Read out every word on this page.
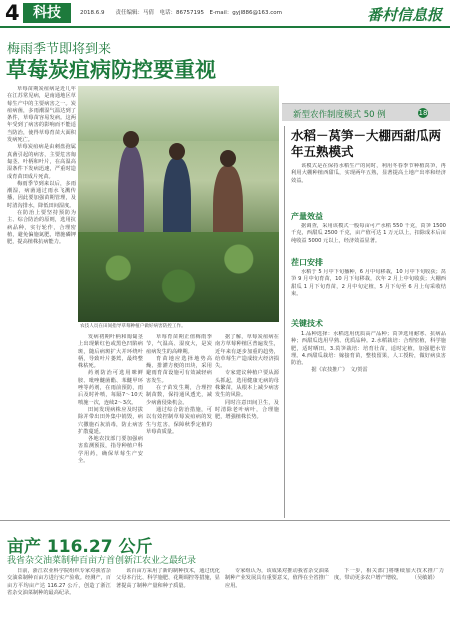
4 科技	2018.6.9　　责任编辑：马倩　电话：86757195　E-mail：gyjl886@163.com	番村信息报
梅雨季节即将到来
草莓炭疽病防控要重视

草莓苗期炭疽病是近几年在江苏常见病，是南通地区草莓生产中的主要病害之一。炭疽病菌，多雨潮湿气温达到了条件，草莓苗容易发病。这两年受到了病害的影响而不能适当防治，使得草莓育苗大面积发病死亡。

草莓炭疽病是由刺盘孢属真菌引起的病害，主要危害匍匐茎、叶柄和叶片，在高温高湿条件下发病迅速，严重时造成育苗田成片死苗。

梅雨季节到来以后，多雨潮湿，病菌通过雨水飞溅传播，因此要加强苗期管理，及时清沟排水，降低田间湿度。

在防治上要坚持预防为主、综合防治的原则，选用抗病品种，实行轮作，合理密植，避免偏施氮肥，增施磷钾肥，提高植株抗病能力。

农技人员在田间指导草莓种植户做好病害防控工作。

发病初期叶柄和匍匐茎上出现紫红色或黑色凹陷病斑，随后病斑扩大并环绕叶柄，导致叶片萎蔫，最终整株枯死。

药剂防治可选用咪鲜胺、吡唑醚菌酯、苯醚甲环唑等药剂，在雨前预防，雨后及时补喷，每隔7～10天喷施一次，连续2～3次。

田间发现病株应及时拔除并带出田外集中销毁，病穴撒施石灰消毒，防止病害扩散蔓延。

各地农技部门要加强病害监测预报，指导种植户科学用药，确保草莓生产安全。

草莓育苗期正值梅雨季节，气温高、湿度大，是炭疽病发生的高峰期。

育苗地应选择地势高燥、排灌方便的田块，采用避雨育苗设施可有效减轻病害发生。

在子苗发生期，合理控制苗数，保持通风透光，减少病菌侵染机会。

通过综合防治措施，可以有效控制草莓炭疽病的发生与危害，保障秋季定植的草莓苗质量。

据了解，草莓炭疽病在南方草莓种植区普遍发生，近年来有逐步加重的趋势，给草莓生产造成较大经济损失。

专家建议种植户要从源头抓起，选用健康无病的母株繁苗，从根本上减少病害发生的风险。

同时注意田间卫生，及时清除老叶病叶，合理施肥，增强植株长势。

新型农作制度模式 50 例	18
水稻－莴笋－大棚西甜瓜两年五熟模式

该模式是在保持水稻生产的同时，利用冬春季节种植莴笋，再利用大棚种植西甜瓜，实现两年五熟，显著提高土地产出率和经济效益。

产量效益

据调查，采用该模式一般每亩可产水稻 550 千克，莴笋 1500 千克，西甜瓜 2500 千克，亩产值可达 1 万元以上，扣除成本后亩纯收益 5000 元以上，经济效益显著。

茬口安排

水稻于 5 月中下旬播种，6 月中旬移栽，10 月中下旬收获；莴笋 9 月中旬育苗，10 月下旬移栽，次年 2 月上中旬收获；大棚西甜瓜 1 月下旬育苗，2 月中旬定植，5 月下旬至 6 月上旬采收结束。

关键技术

1.品种选择：水稻选用优质高产品种；莴笋选用耐寒、抗病品种；西甜瓜选用早熟、优质品种。2.水稻栽培：合理密植，科学施肥，适时晒田。3.莴笋栽培：培育壮苗，适时定植，加强肥水管理。4.西甜瓜栽培：嫁接育苗，整枝留果，人工授粉，做好病虫害防治。

　　据《农技推广》　文/贺雷

亩产 116.27 公斤
我省杂交油菜制种百亩方首创新江农业之最纪录

日前，浙江农业科学院组织专家对我省杂交油菜制种百亩方进行实产验收。经测产，百亩方平均亩产达 116.27 公斤，创造了浙江省杂交油菜制种的最高纪录。

该百亩方采用了新的制种技术，通过优化父母本行比、科学施肥、花期调控等措施，显著提高了制种产量和种子质量。

专家组认为，该成果对推动我省杂交油菜制种产业发展具有重要意义，值得在全省推广应用。

下一步，相关部门将继续加大技术推广力度，带动更多农户增产增收。　　　（吴敏娟）
